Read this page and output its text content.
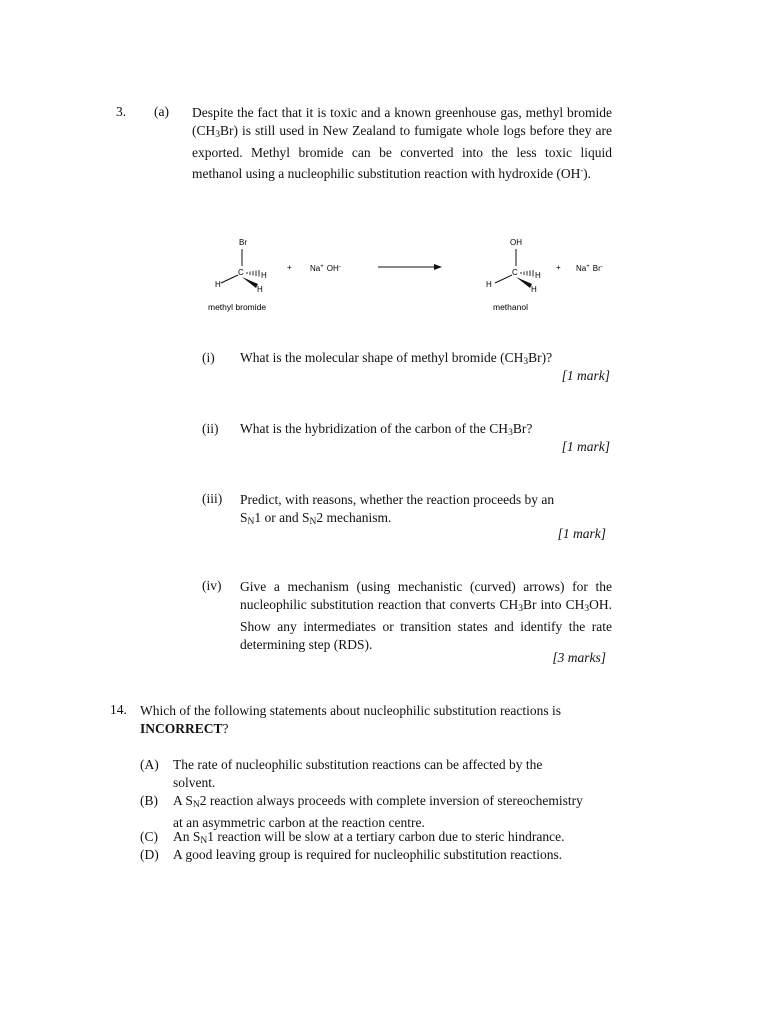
3. (a) Despite the fact that it is toxic and a known greenhouse gas, methyl bromide $(CH_3Br)$ is still used in New Zealand to fumigate whole logs before they are exported. Methyl bromide can be converted into the less toxic liquid methanol using a nucleophilic substitution reaction with hydroxide (OH-).

Br
C H
H
H
methyl bromide
+ Na+ OH-
OH
C H
H
H
methanol
+ Na+ Br-
(i) What is the molecular shape of methyl bromide $(CH_3Br)$?
[1 mark]
(ii) What is the hybridization of the carbon of the $CH_3Br$?
[1 mark]
(iii) Predict, with reasons, whether the reaction proceeds by an
$S_N1$ or and $S_N2$ mechanism.
[1 mark]
(iv) Give a mechanism (using mechanistic (curved) arrows) for the nucleophilic substitution reaction that converts $CH_3Br$ into $CH_3OH$. Show any intermediates or transition states and identify the rate determining step (RDS).

[3 marks]
14. Which of the following statements about nucleophilic substitution reactions is
INCORRECT?

(A) The rate of nucleophilic substitution reactions can be affected by the solvent.
(B) A $S_N2$ reaction always proceeds with complete inversion of stereochemistry at an asymmetric carbon at the reaction centre.
(C) An $S_N1$ reaction will be slow at a tertiary carbon due to steric hindrance.
(D) A good leaving group is required for nucleophilic substitution reactions.
